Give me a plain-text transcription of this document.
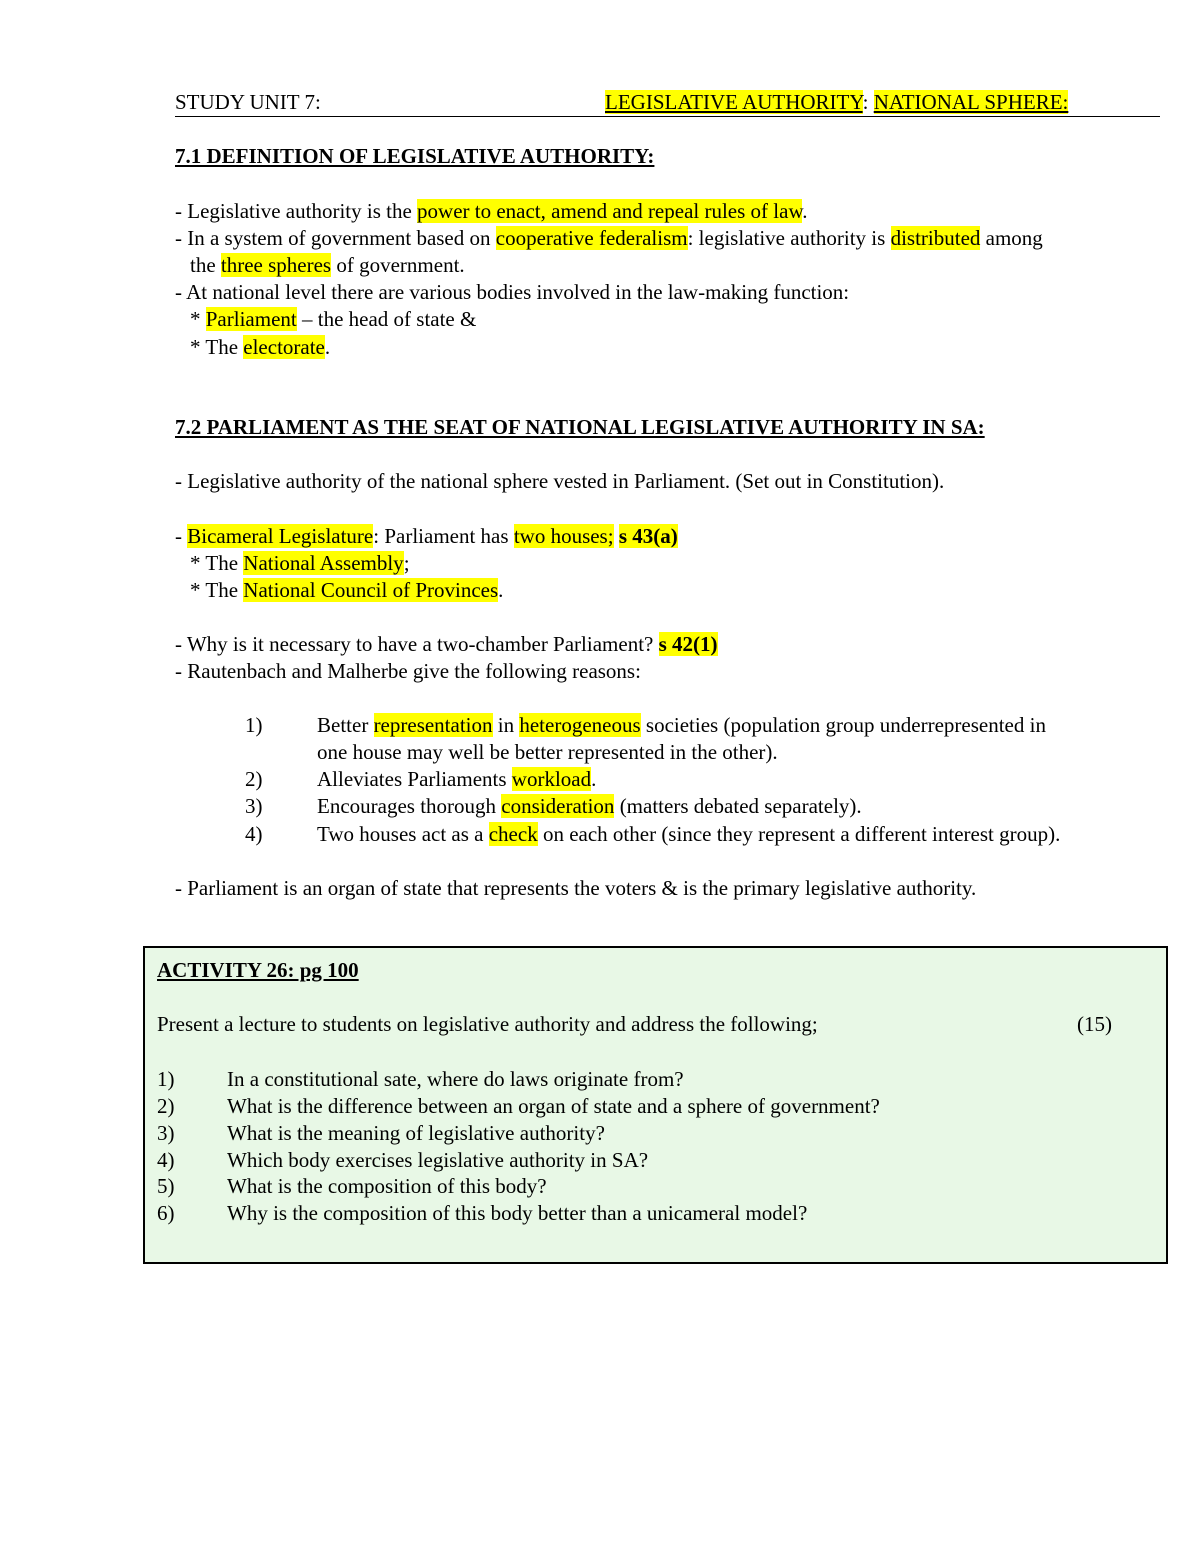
STUDY UNIT 7:	LEGISLATIVE AUTHORITY: NATIONAL SPHERE:
7.1 DEFINITION OF LEGISLATIVE AUTHORITY:
- Legislative authority is the power to enact, amend and repeal rules of law.
- In a system of government based on cooperative federalism: legislative authority is distributed among
the three spheres of government.
- At national level there are various bodies involved in the law-making function:
* Parliament – the head of state &
* The electorate.
7.2 PARLIAMENT AS THE SEAT OF NATIONAL LEGISLATIVE AUTHORITY IN SA:
- Legislative authority of the national sphere vested in Parliament. (Set out in Constitution).
- Bicameral Legislature: Parliament has two houses; s 43(a)
* The National Assembly;
* The National Council of Provinces.
- Why is it necessary to have a two-chamber Parliament? s 42(1)
- Rautenbach and Malherbe give the following reasons:
1)	Better representation in heterogeneous societies (population group underrepresented in
one house may well be better represented in the other).
2)	Alleviates Parliaments workload.
3)	Encourages thorough consideration (matters debated separately).
4)	Two houses act as a check on each other (since they represent a different interest group).
- Parliament is an organ of state that represents the voters & is the primary legislative authority.
ACTIVITY 26: pg 100
Present a lecture to students on legislative authority and address the following;	(15)
1)	In a constitutional sate, where do laws originate from?
2)	What is the difference between an organ of state and a sphere of government?
3)	What is the meaning of legislative authority?
4)	Which body exercises legislative authority in SA?
5)	What is the composition of this body?
6)	Why is the composition of this body better than a unicameral model?
